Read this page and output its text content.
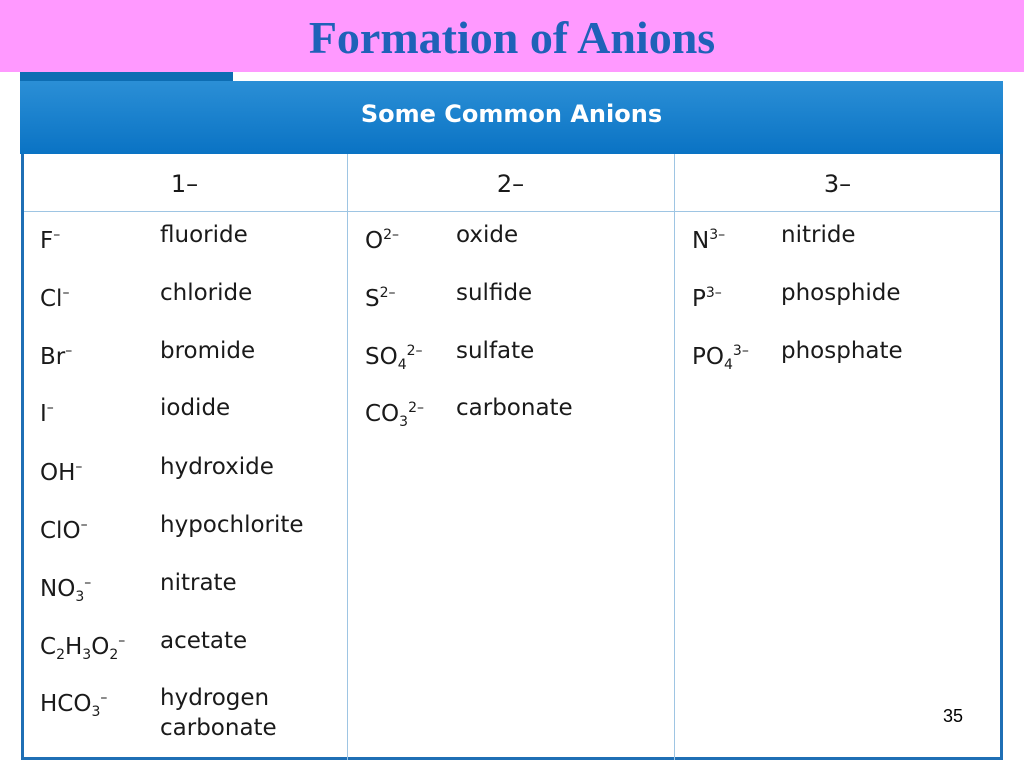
Formation of Anions
Some Common Anions
1–	2–	3–
F–	fluoride
Cl–	chloride
Br–	bromide
I–	iodide
OH–	hydroxide
ClO–	hypochlorite
$NO_3^-$	nitrate
$C_2H_3O_2^-$ acetate
$HCO_3^-$ hydrogen carbonate
$O^{2-}$ oxide
$S^{2-}$	sulfide
$SO_4^{2-}$ sulfate
$CO_3^{2-}$ carbonate
$N^{3-}$ nitride
$P^{3-}$	phosphide
$PO_4^{3-}$ phosphate
35
